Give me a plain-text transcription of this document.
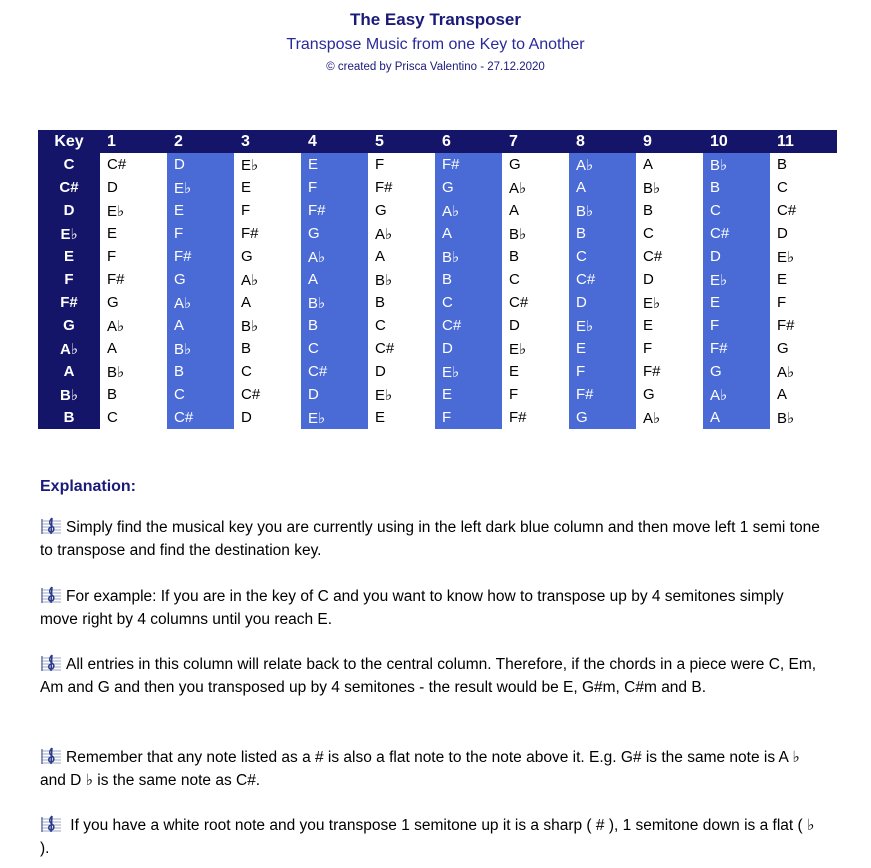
The Easy Transposer
Transpose Music from one Key to Another
© created by Prisca Valentino - 27.12.2020
Key	1	2	3	4	5	6	7	8	9	10	11
C	C#	D	E♭	E	F	F#	G	A♭	A	B♭	B
C#	D	E♭	E	F	F#	G	A♭	A	B♭	B	C
D	E♭	E	F	F#	G	A♭	A	B♭	B	C	C#
E♭	E	F	F#	G	A♭	A	B♭	B	C	C#	D
E	F	F#	G	A♭	A	B♭	B	C	C#	D	E♭
F	F#	G	A♭	A	B♭	B	C	C#	D	E♭	E
F#	G	A♭	A	B♭	B	C	C#	D	E♭	E	F
G	A♭	A	B♭	B	C	C#	D	E♭	E	F	F#
A♭	A	B♭	B	C	C#	D	E♭	E	F	F#	G
A	B♭	B	C	C#	D	E♭	E	F	F#	G	A♭
B♭	B	C	C#	D	E♭	E	F	F#	G	A♭	A
B	C	C#	D	E♭	E	F	F#	G	A♭	A	B♭
Explanation:
Simply find the musical key you are currently using in the left dark blue column and then move left 1 semi tone to transpose and find the destination key.
For example: If you are in the key of C and you want to know how to transpose up by 4 semitones simply move right by 4 columns until you reach E.
All entries in this column will relate back to the central column. Therefore, if the chords in a piece were C, Em, Am and G and then you transposed up by 4 semitones - the result would be E, G#m, C#m and B.
Remember that any note listed as a # is also a flat note to the note above it. E.g. G# is the same note is A ♭ and D ♭ is the same note as C#.
If you have a white root note and you transpose 1 semitone up it is a sharp ( # ), 1 semitone down is a flat ( ♭ ).
